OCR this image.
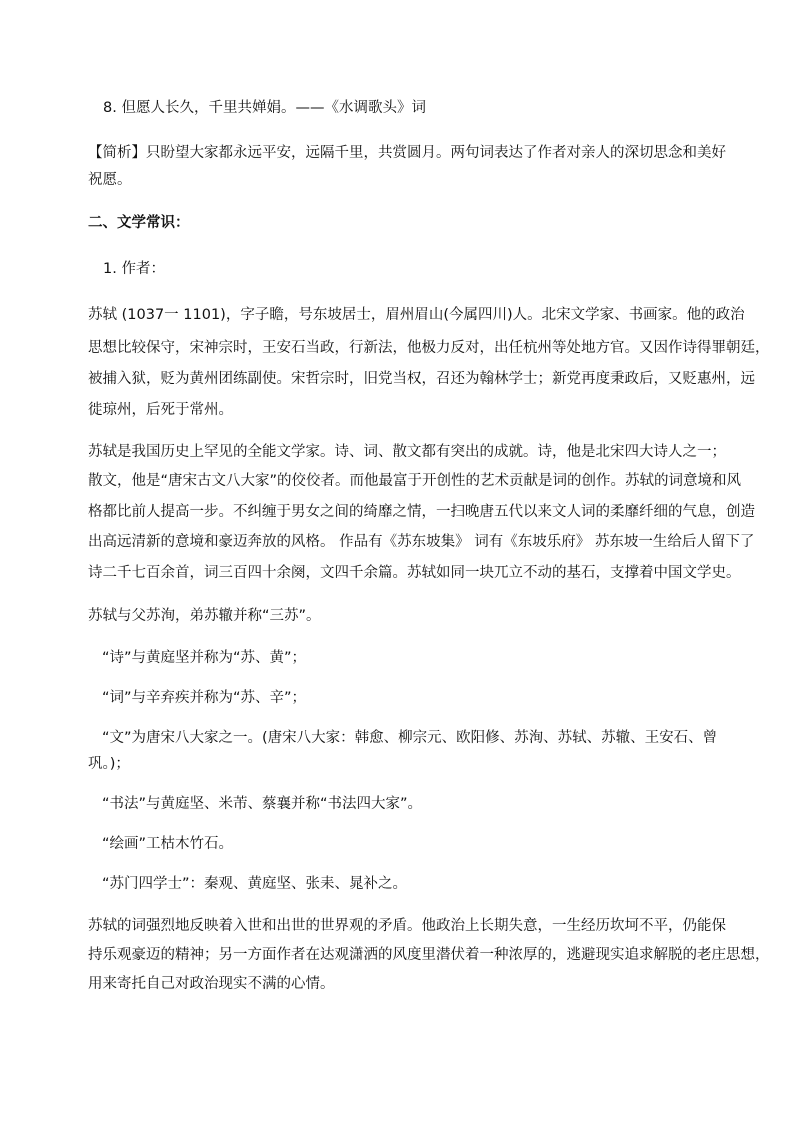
8. 但愿人长久，千里共婵娟。——《水调歌头》词
【简析】只盼望大家都永远平安，远隔千里，共赏圆月。两句词表达了作者对亲人的深切思念和美好
祝愿。
二、文学常识：
1. 作者：
苏轼 (1037一 1101)，字子瞻，号东坡居士，眉州眉山(今属四川)人。北宋文学家、书画家。他的政治
思想比较保守，宋神宗时，王安石当政，行新法，他极力反对，出任杭州等处地方官。又因作诗得罪朝廷，
被捕入狱，贬为黄州团练副使。宋哲宗时，旧党当权，召还为翰林学士；新党再度秉政后，又贬惠州，远
徙琼州，后死于常州。
苏轼是我国历史上罕见的全能文学家。诗、词、散文都有突出的成就。诗，他是北宋四大诗人之一；
散文，他是“唐宋古文八大家”的佼佼者。而他最富于开创性的艺术贡献是词的创作。苏轼的词意境和风
格都比前人提高一步。不纠缠于男女之间的绮靡之情，一扫晚唐五代以来文人词的柔靡纤细的气息，创造
出高远清新的意境和豪迈奔放的风格。 作品有《苏东坡集》 词有《东坡乐府》 苏东坡一生给后人留下了
诗二千七百余首，词三百四十余阕，文四千余篇。苏轼如同一块兀立不动的基石，支撑着中国文学史。
苏轼与父苏洵，弟苏辙并称“三苏”。
“诗”与黄庭坚并称为“苏、黄”；
“词”与辛弃疾并称为“苏、辛”；
“文”为唐宋八大家之一。(唐宋八大家：韩愈、柳宗元、欧阳修、苏洵、苏轼、苏辙、王安石、曾
巩。)；
“书法”与黄庭坚、米芾、蔡襄并称“书法四大家”。
“绘画”工枯木竹石。
“苏门四学士”：秦观、黄庭坚、张耒、晁补之。
苏轼的词强烈地反映着入世和出世的世界观的矛盾。他政治上长期失意，一生经历坎坷不平，仍能保
持乐观豪迈的精神；另一方面作者在达观潇洒的风度里潜伏着一种浓厚的，逃避现实追求解脱的老庄思想，
用来寄托自己对政治现实不满的心情。
